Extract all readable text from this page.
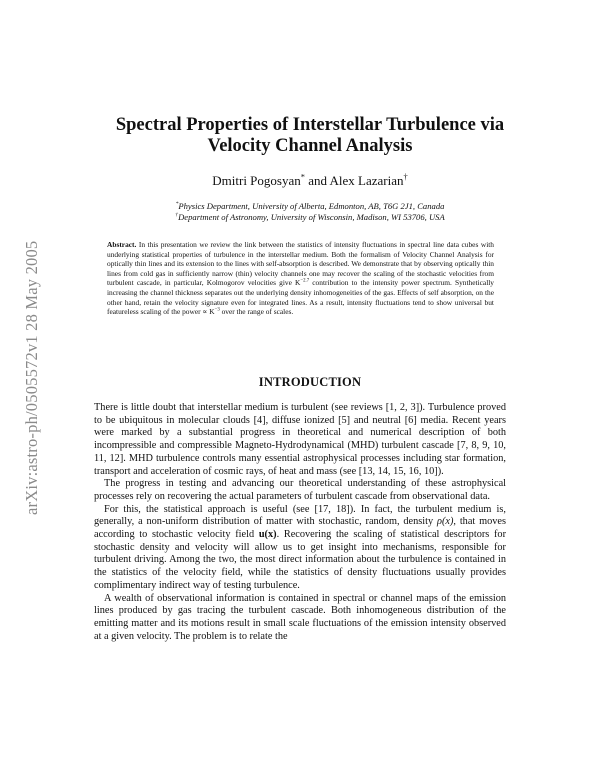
arXiv:astro-ph/0505572v1 28 May 2005
Spectral Properties of Interstellar Turbulence via
Velocity Channel Analysis
Dmitri Pogosyan* and Alex Lazarian†
*Physics Department, University of Alberta, Edmonton, AB, T6G 2J1, Canada
†Department of Astronomy, University of Wisconsin, Madison, WI 53706, USA

Abstract. In this presentation we review the link between the statistics of intensity fluctuations in spectral line data cubes with underlying statistical properties of turbulence in the interstellar medium. Both the formalism of Velocity Channel Analysis for optically thin lines and its extension to the lines with self-absorption is described. We demonstrate that by observing optically thin lines from cold gas in sufficiently narrow (thin) velocity channels one may recover the scaling of the stochastic velocities from turbulent cascade, in particular, Kolmogorov velocities give $K^{-2.7}$ contribution to the intensity power spectrum. Synthetically increasing the channel thickness separates out the underlying density inhomogeneities of the gas. Effects of self absorption, on the other hand, retain the velocity signature even for integrated lines. As a result, intensity fluctuations tend to show universal but featureless scaling of the power ∝ $K^{-3}$ over the range of scales.

INTRODUCTION

There is little doubt that interstellar medium is turbulent (see reviews [1, 2, 3]). Turbulence proved to be ubiquitous in molecular clouds [4], diffuse ionized [5] and neutral [6] media. Recent years were marked by a substantial progress in theoretical and numerical description of both incompressible and compressible Magneto-Hydrodynamical (MHD) turbulent cascade [7, 8, 9, 10, 11, 12]. MHD turbulence controls many essential astrophysical processes including star formation, transport and acceleration of cosmic rays, of heat and mass (see [13, 14, 15, 16, 10]).

The progress in testing and advancing our theoretical understanding of these astrophysical processes rely on recovering the actual parameters of turbulent cascade from observational data.

For this, the statistical approach is useful (see [17, 18]). In fact, the turbulent medium is, generally, a non-uniform distribution of matter with stochastic, random, density ρ(x), that moves according to stochastic velocity field u(x). Recovering the scaling of statistical descriptors for stochastic density and velocity will allow us to get insight into mechanisms, responsible for turbulent driving. Among the two, the most direct information about the turbulence is contained in the statistics of the velocity field, while the statistics of density fluctuations usually provides complimentary indirect way of testing turbulence.

A wealth of observational information is contained in spectral or channel maps of the emission lines produced by gas tracing the turbulent cascade. Both inhomogeneous distribution of the emitting matter and its motions result in small scale fluctuations of the emission intensity observed at a given velocity. The problem is to relate the
